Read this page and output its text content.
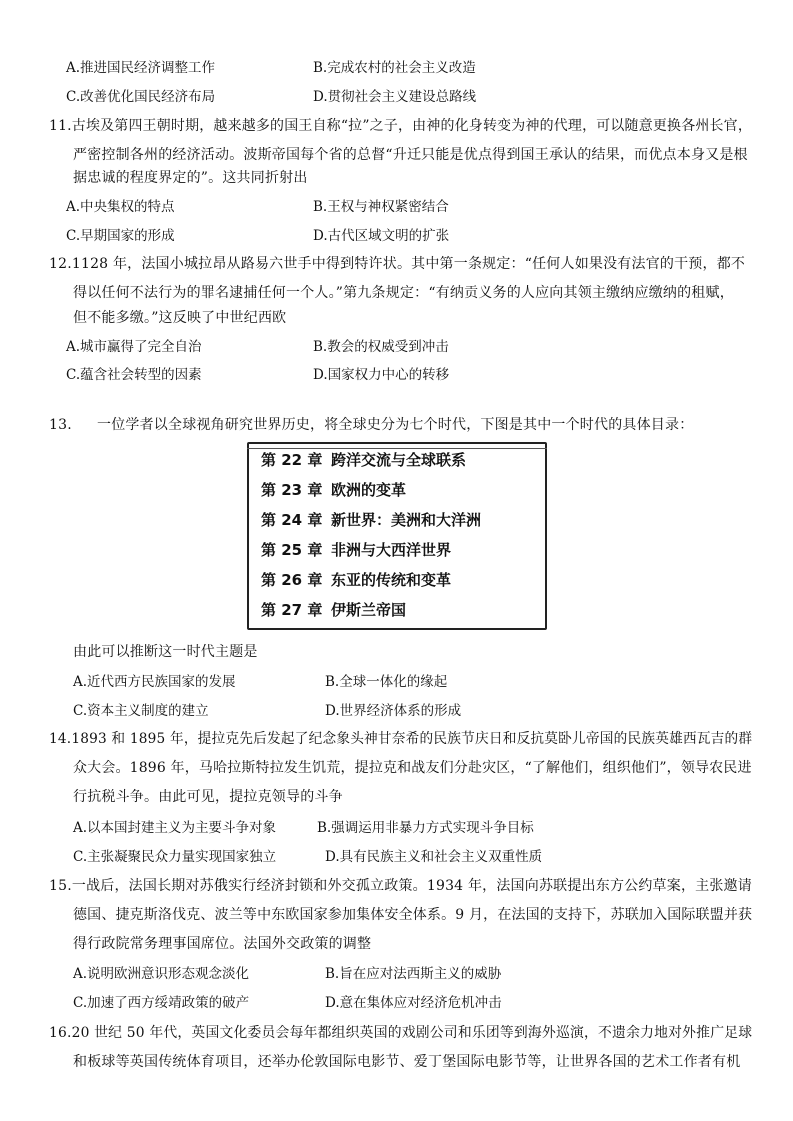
A.推进国民经济调整工作	B.完成农村的社会主义改造
C.改善优化国民经济布局	D.贯彻社会主义建设总路线
11.古埃及第四王朝时期，越来越多的国王自称“拉”之子，由神的化身转变为神的代理，可以随意更换各州长官，
严密控制各州的经济活动。波斯帝国每个省的总督“升迁只能是优点得到国王承认的结果，而优点本身又是根
据忠诚的程度界定的”。这共同折射出
A.中央集权的特点	B.王权与神权紧密结合
C.早期国家的形成	D.古代区域文明的扩张
12.1128 年，法国小城拉昂从路易六世手中得到特许状。其中第一条规定：“任何人如果没有法官的干预，都不
得以任何不法行为的罪名逮捕任何一个人。”第九条规定：“有纳贡义务的人应向其领主缴纳应缴纳的租赋，
但不能多缴。”这反映了中世纪西欧
A.城市赢得了完全自治	B.教会的权威受到冲击
C.蕴含社会转型的因素	D.国家权力中心的转移
13. 一位学者以全球视角研究世界历史，将全球史分为七个时代，下图是其中一个时代的具体目录：
第 22 章 跨洋交流与全球联系
第 23 章 欧洲的变革
第 24 章 新世界：美洲和大洋洲
第 25 章 非洲与大西洋世界
第 26 章 东亚的传统和变革
第 27 章 伊斯兰帝国
由此可以推断这一时代主题是
A.近代西方民族国家的发展	B.全球一体化的缘起
C.资本主义制度的建立	D.世界经济体系的形成
14.1893 和 1895 年，提拉克先后发起了纪念象头神甘奈希的民族节庆日和反抗莫卧儿帝国的民族英雄西瓦吉的群
众大会。1896 年，马哈拉斯特拉发生饥荒，提拉克和战友们分赴灾区，“了解他们，组织他们”，领导农民进
行抗税斗争。由此可见，提拉克领导的斗争
A.以本国封建主义为主要斗争对象	B.强调运用非暴力方式实现斗争目标
C.主张凝聚民众力量实现国家独立	D.具有民族主义和社会主义双重性质
15.一战后，法国长期对苏俄实行经济封锁和外交孤立政策。1934 年，法国向苏联提出东方公约草案，主张邀请
德国、捷克斯洛伐克、波兰等中东欧国家参加集体安全体系。9 月，在法国的支持下，苏联加入国际联盟并获
得行政院常务理事国席位。法国外交政策的调整
A.说明欧洲意识形态观念淡化	B.旨在应对法西斯主义的威胁
C.加速了西方绥靖政策的破产	D.意在集体应对经济危机冲击
16.20 世纪 50 年代，英国文化委员会每年都组织英国的戏剧公司和乐团等到海外巡演，不遗余力地对外推广足球
和板球等英国传统体育项目，还举办伦敦国际电影节、爱丁堡国际电影节等，让世界各国的艺术工作者有机
